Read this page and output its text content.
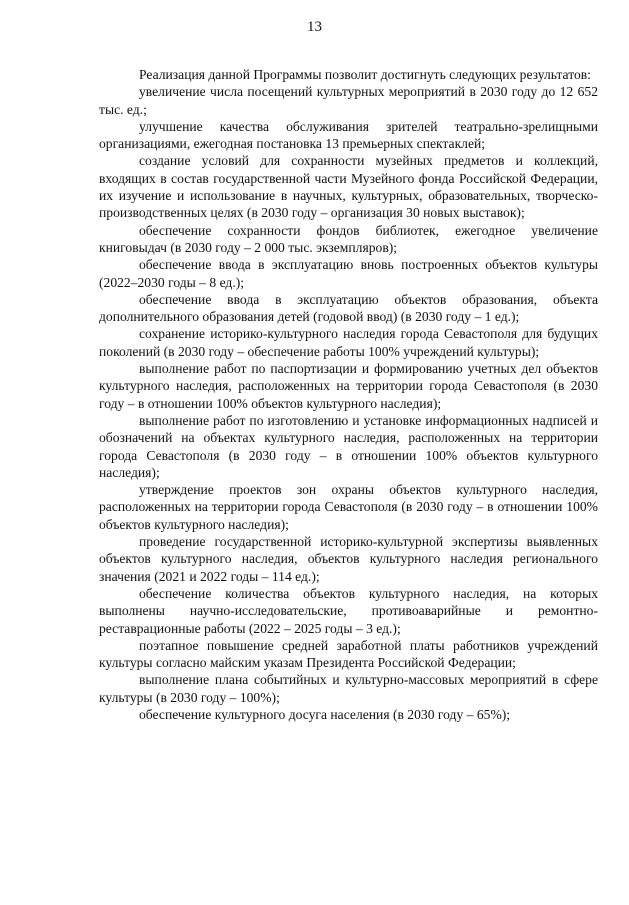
13

Реализация данной Программы позволит достигнуть следующих результатов:

увеличение числа посещений культурных мероприятий в 2030 году до 12 652 тыс. ед.;

улучшение качества обслуживания зрителей театрально-зрелищными организациями, ежегодная постановка 13 премьерных спектаклей;

создание условий для сохранности музейных предметов и коллекций, входящих в состав государственной части Музейного фонда Российской Федерации, их изучение и использование в научных, культурных, образовательных, творческо-производственных целях (в 2030 году – организация 30 новых выставок);

обеспечение сохранности фондов библиотек, ежегодное увеличение книговыдач (в 2030 году – 2 000 тыс. экземпляров);

обеспечение ввода в эксплуатацию вновь построенных объектов культуры (2022–2030 годы – 8 ед.);

обеспечение ввода в эксплуатацию объектов образования, объекта дополнительного образования детей (годовой ввод) (в 2030 году – 1 ед.);

сохранение историко-культурного наследия города Севастополя для будущих поколений (в 2030 году – обеспечение работы 100% учреждений культуры);

выполнение работ по паспортизации и формированию учетных дел объектов культурного наследия, расположенных на территории города Севастополя (в 2030 году – в отношении 100% объектов культурного наследия);

выполнение работ по изготовлению и установке информационных надписей и обозначений на объектах культурного наследия, расположенных на территории города Севастополя (в 2030 году – в отношении 100% объектов культурного наследия);

утверждение проектов зон охраны объектов культурного наследия, расположенных на территории города Севастополя (в 2030 году – в отношении 100% объектов культурного наследия);

проведение государственной историко-культурной экспертизы выявленных объектов культурного наследия, объектов культурного наследия регионального значения (2021 и 2022 годы – 114 ед.);

обеспечение количества объектов культурного наследия, на которых выполнены научно-исследовательские, противоаварийные и ремонтно-реставрационные работы (2022 – 2025 годы – 3 ед.);

поэтапное повышение средней заработной платы работников учреждений культуры согласно майским указам Президента Российской Федерации;

выполнение плана событийных и культурно-массовых мероприятий в сфере культуры (в 2030 году – 100%);

обеспечение культурного досуга населения (в 2030 году – 65%);
